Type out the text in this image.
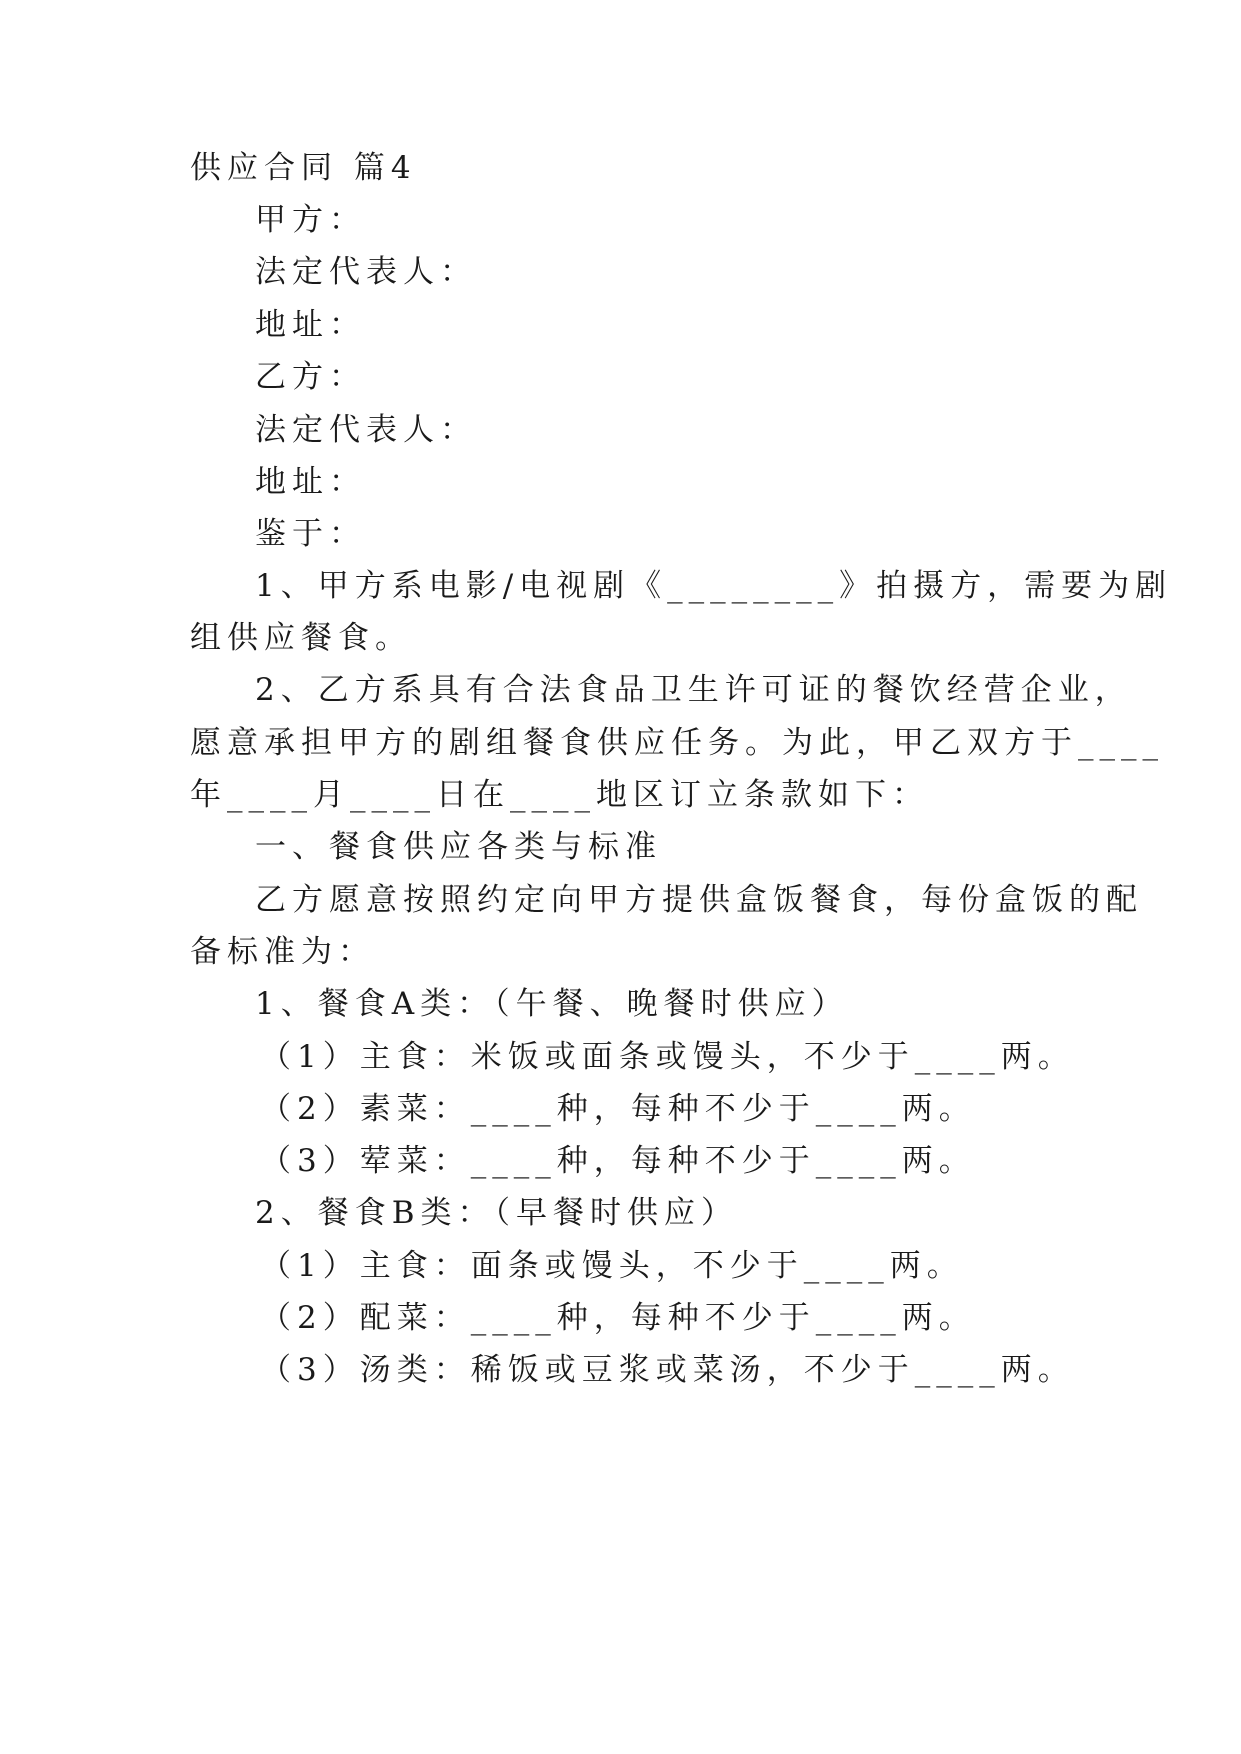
供应合同 篇4
甲方：
法定代表人：
地址：
乙方：
法定代表人：
地址：
鉴于：
1、甲方系电影/电视剧《________》拍摄方，需要为剧
组供应餐食。
2、乙方系具有合法食品卫生许可证的餐饮经营企业，
愿意承担甲方的剧组餐食供应任务。为此，甲乙双方于____
年____月____日在____地区订立条款如下：
一、餐食供应各类与标准
乙方愿意按照约定向甲方提供盒饭餐食，每份盒饭的配
备标准为：
1、餐食A类：（午餐、晚餐时供应）
（1）主食：米饭或面条或馒头，不少于____两。
（2）素菜：____种，每种不少于____两。
（3）荤菜：____种，每种不少于____两。
2、餐食B类：（早餐时供应）
（1）主食：面条或馒头，不少于____两。
（2）配菜：____种，每种不少于____两。
（3）汤类：稀饭或豆浆或菜汤，不少于____两。
